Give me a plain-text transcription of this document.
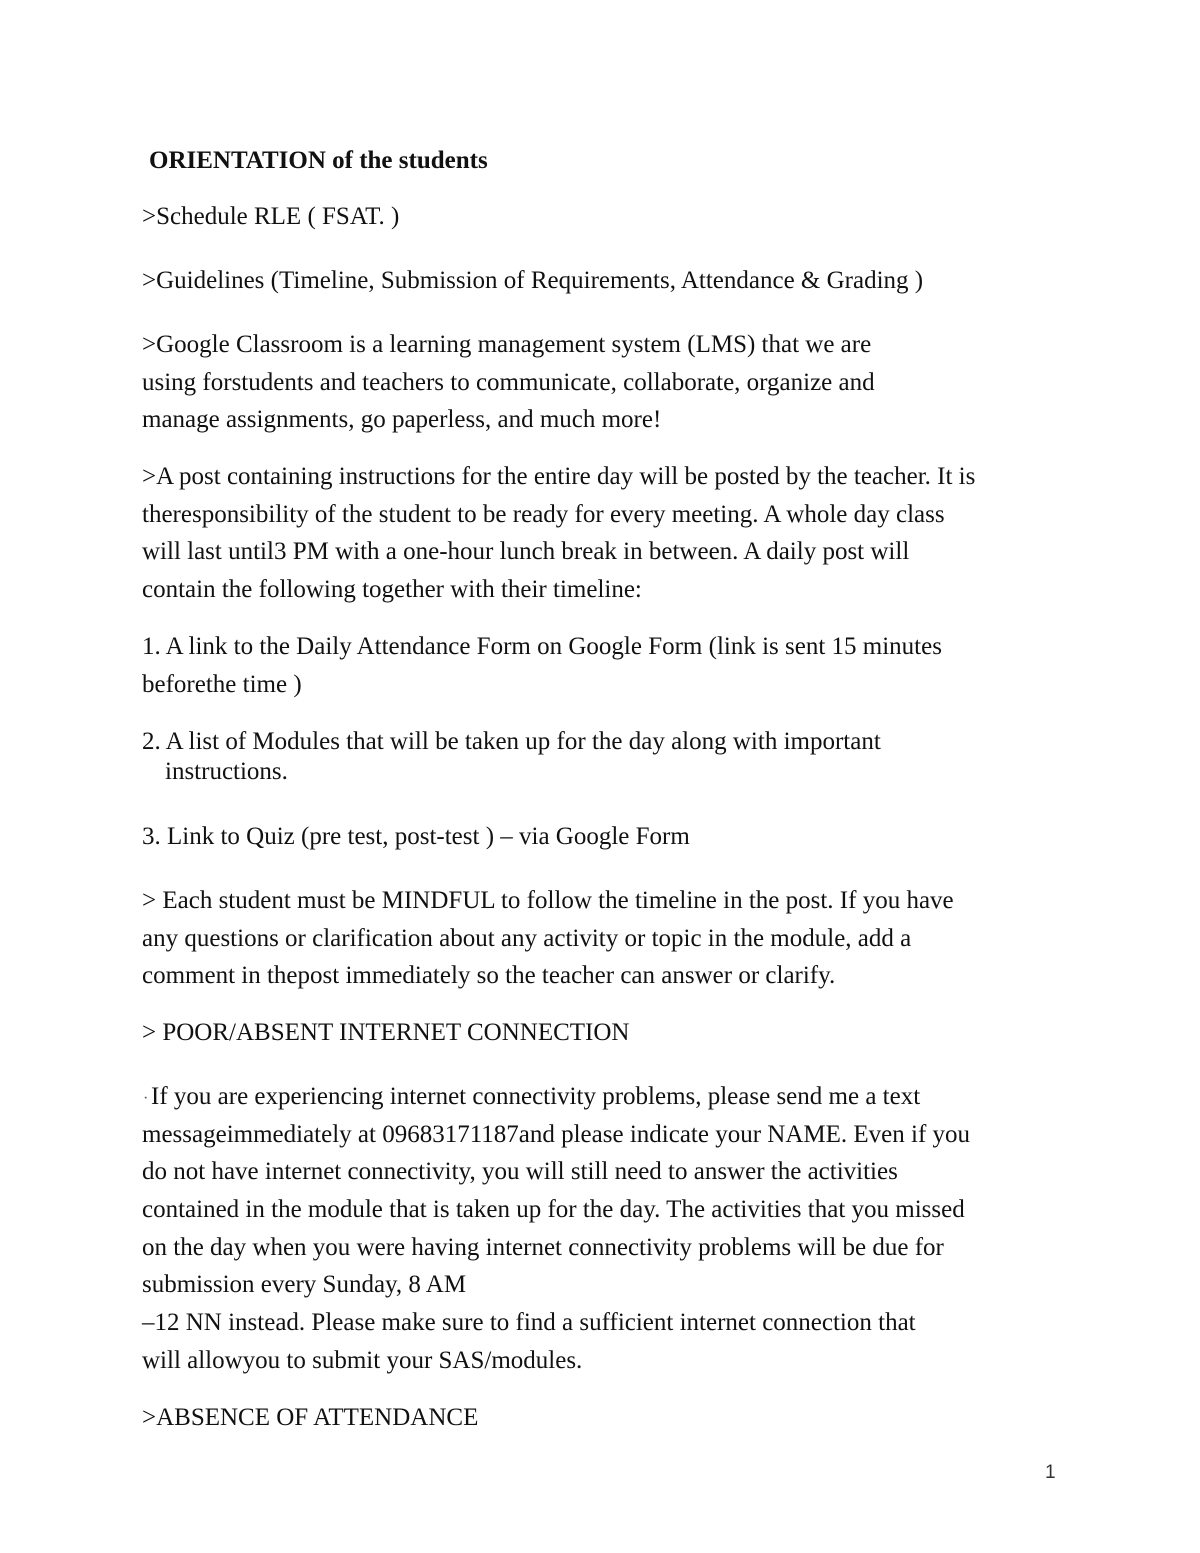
ORIENTATION of the students
>Schedule RLE ( FSAT. )
>Guidelines (Timeline, Submission of Requirements, Attendance & Grading )
>Google Classroom is a learning management system (LMS) that we are
using forstudents and teachers to communicate, collaborate, organize and
manage assignments, go paperless, and much more!
>A post containing instructions for the entire day will be posted by the teacher. It is
theresponsibility of the student to be ready for every meeting. A whole day class
will last until3 PM with a one-hour lunch break in between. A daily post will
contain the following together with their timeline:
1. A link to the Daily Attendance Form on Google Form (link is sent 15 minutes
beforethe time )
2. A list of Modules that will be taken up for the day along with important
instructions.
3. Link to Quiz (pre test, post-test ) – via Google Form
> Each student must be MINDFUL to follow the timeline in the post. If you have
any questions or clarification about any activity or topic in the module, add a
comment in thepost immediately so the teacher can answer or clarify.
> POOR/ABSENT INTERNET CONNECTION
· If you are experiencing internet connectivity problems, please send me a text
messageimmediately at 09683171187and please indicate your NAME. Even if you
do not have internet connectivity, you will still need to answer the activities
contained in the module that is taken up for the day. The activities that you missed
on the day when you were having internet connectivity problems will be due for
submission every Sunday, 8 AM
–12 NN instead. Please make sure to find a sufficient internet connection that
will allowyou to submit your SAS/modules.
>ABSENCE OF ATTENDANCE
1
